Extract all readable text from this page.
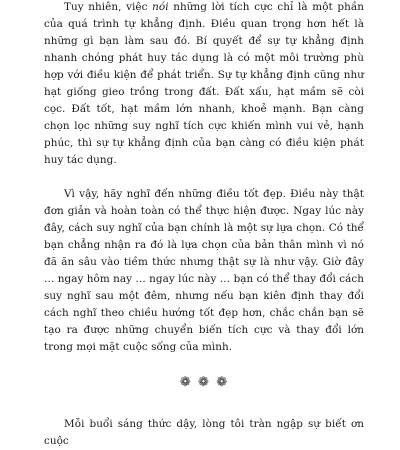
Tuy nhiên, việc nói những lời tích cực chỉ là một phần của quá trình tự khẳng định. Điều quan trọng hơn hết là những gì bạn làm sau đó. Bí quyết để sự tự khẳng định nhanh chóng phát huy tác dụng là có một môi trường phù hợp với điều kiện để phát triển. Sự tự khẳng định cũng như hạt giống gieo trồng trong đất. Đất xấu, hạt mầm sẽ còi cọc. Đất tốt, hạt mầm lớn nhanh, khoẻ mạnh. Bạn càng chọn lọc những suy nghĩ tích cực khiến mình vui vẻ, hạnh phúc, thì sự tự khẳng định của bạn càng có điều kiện phát huy tác dụng.

Vì vậy, hãy nghĩ đến những điều tốt đẹp. Điều này thật đơn giản và hoàn toàn có thể thực hiện được. Ngay lúc này đây, cách suy nghĩ của bạn chính là một sự lựa chọn. Có thể bạn chẳng nhận ra đó là lựa chọn của bản thân mình vì nó đã ăn sâu vào tiềm thức nhưng thật sự là như vậy. Giờ đây … ngay hôm nay … ngay lúc này … bạn có thể thay đổi cách suy nghĩ sau một đêm, nhưng nếu bạn kiên định thay đổi cách nghĩ theo chiều hướng tốt đẹp hơn, chắc chắn bạn sẽ tạo ra được những chuyển biến tích cực và thay đổi lớn trong mọi mặt cuộc sống của mình.

❁ ❁ ❁

Mỗi buổi sáng thức dậy, lòng tôi tràn ngập sự biết ơn cuộc
